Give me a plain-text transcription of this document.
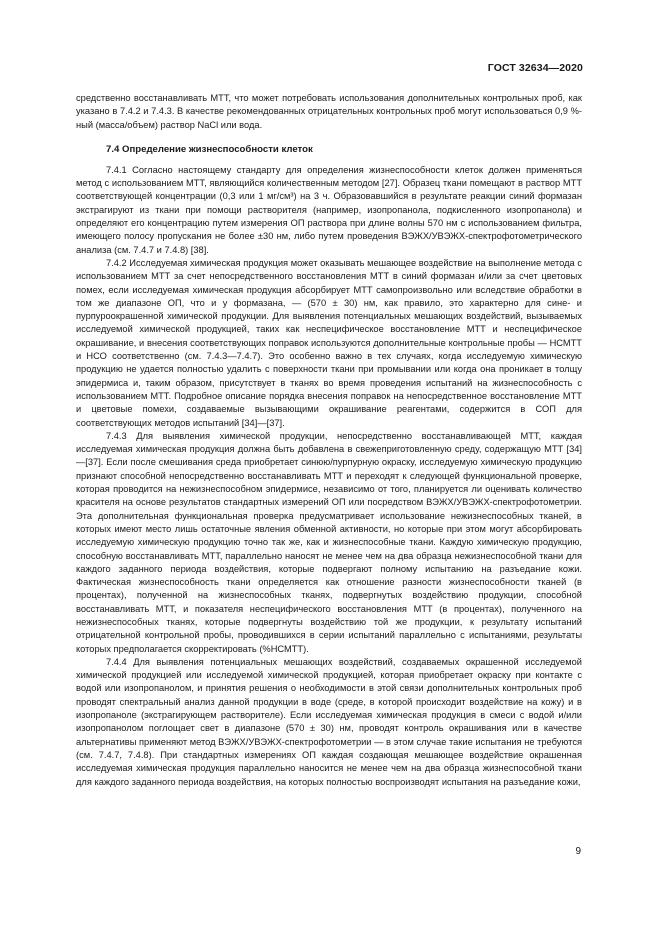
ГОСТ 32634—2020

средственно восстанавливать МТТ, что может потребовать использования дополнительных контрольных проб, как указано в 7.4.2 и 7.4.3. В качестве рекомендованных отрицательных контрольных проб могут использоваться 0,9 %-ный (масса/объем) раствор NaCl или вода.

7.4 Определение жизнеспособности клеток

7.4.1 Согласно настоящему стандарту для определения жизнеспособности клеток должен применяться метод с использованием МТТ, являющийся количественным методом [27]. Образец ткани помещают в раствор МТТ соответствующей концентрации (0,3 или 1 мг/см³) на 3 ч. Образовавшийся в результате реакции синий формазан экстрагируют из ткани при помощи растворителя (например, изопропанола, подкисленного изопропанола) и определяют его концентрацию путем измерения ОП раствора при длине волны 570 нм с использованием фильтра, имеющего полосу пропускания не более ±30 нм, либо путем проведения ВЭЖХ/УВЭЖХ-спектрофотометрического анализа (см. 7.4.7 и 7.4.8) [38].

7.4.2 Исследуемая химическая продукция может оказывать мешающее воздействие на выполнение метода с использованием МТТ за счет непосредственного восстановления МТТ в синий формазан и/или за счет цветовых помех, если исследуемая химическая продукция абсорбирует МТТ самопроизвольно или вследствие обработки в том же диапазоне ОП, что и у формазана, — (570 ± 30) нм, как правило, это характерно для сине- и пурпуроокрашенной химической продукции. Для выявления потенциальных мешающих воздействий, вызываемых исследуемой химической продукцией, таких как неспецифическое восстановление МТТ и неспецифическое окрашивание, и внесения соответствующих поправок используются дополнительные контрольные пробы — НСМТТ и НСО соответственно (см. 7.4.3—7.4.7). Это особенно важно в тех случаях, когда исследуемую химическую продукцию не удается полностью удалить с поверхности ткани при промывании или когда она проникает в толщу эпидермиса и, таким образом, присутствует в тканях во время проведения испытаний на жизнеспособность с использованием МТТ. Подробное описание порядка внесения поправок на непосредственное восстановление МТТ и цветовые помехи, создаваемые вызывающими окрашивание реагентами, содержится в СОП для соответствующих методов испытаний [34]—[37].

7.4.3 Для выявления химической продукции, непосредственно восстанавливающей МТТ, каждая исследуемая химическая продукция должна быть добавлена в свежеприготовленную среду, содержащую МТТ [34]—[37]. Если после смешивания среда приобретает синюю/пурпурную окраску, исследуемую химическую продукцию признают способной непосредственно восстанавливать МТТ и переходят к следующей функциональной проверке, которая проводится на нежизнеспособном эпидермисе, независимо от того, планируется ли оценивать количество красителя на основе результатов стандартных измерений ОП или посредством ВЭЖХ/УВЭЖХ-спектрофотометрии. Эта дополнительная функциональная проверка предусматривает использование нежизнеспособных тканей, в которых имеют место лишь остаточные явления обменной активности, но которые при этом могут абсорбировать исследуемую химическую продукцию точно так же, как и жизнеспособные ткани. Каждую химическую продукцию, способную восстанавливать МТТ, параллельно наносят не менее чем на два образца нежизнеспособной ткани для каждого заданного периода воздействия, которые подвергают полному испытанию на разъедание кожи. Фактическая жизнеспособность ткани определяется как отношение разности жизнеспособности тканей (в процентах), полученной на жизнеспособных тканях, подвергнутых воздействию продукции, способной восстанавливать МТТ, и показателя неспецифического восстановления МТТ (в процентах), полученного на нежизнеспособных тканях, которые подвергнуты воздействию той же продукции, к результату испытаний отрицательной контрольной пробы, проводившихся в серии испытаний параллельно с испытаниями, результаты которых предполагается скорректировать (%НСМТТ).

7.4.4 Для выявления потенциальных мешающих воздействий, создаваемых окрашенной исследуемой химической продукцией или исследуемой химической продукцией, которая приобретает окраску при контакте с водой или изопропанолом, и принятия решения о необходимости в этой связи дополнительных контрольных проб проводят спектральный анализ данной продукции в воде (среде, в которой происходит воздействие на кожу) и в изопропаноле (экстрагирующем растворителе). Если исследуемая химическая продукция в смеси с водой и/или изопропанолом поглощает свет в диапазоне (570 ± 30) нм, проводят контроль окрашивания или в качестве альтернативы применяют метод ВЭЖХ/УВЭЖХ-спектрофотометрии — в этом случае такие испытания не требуются (см. 7.4.7, 7.4.8). При стандартных измерениях ОП каждая создающая мешающее воздействие окрашенная исследуемая химическая продукция параллельно наносится не менее чем на два образца жизнеспособной ткани для каждого заданного периода воздействия, на которых полностью воспроизводят испытания на разъедание кожи,

9
